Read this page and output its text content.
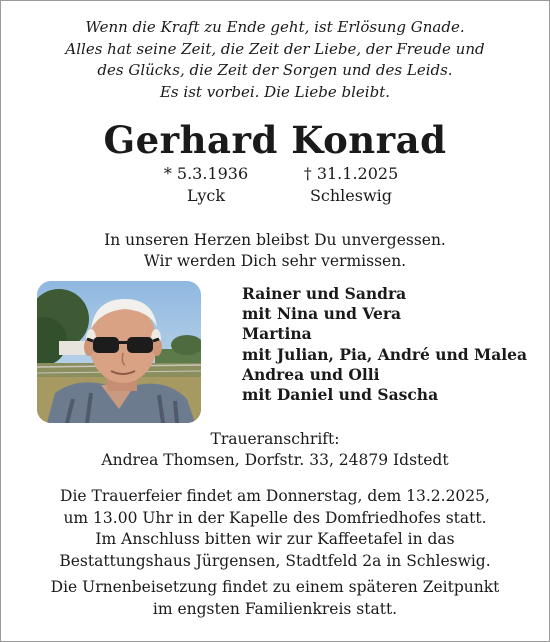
Wenn die Kraft zu Ende geht, ist Erlösung Gnade.
Alles hat seine Zeit, die Zeit der Liebe, der Freude und
des Glücks, die Zeit der Sorgen und des Leids.
Es ist vorbei. Die Liebe bleibt.
Gerhard Konrad
* 5.3.1936
Lyck
† 31.1.2025
Schleswig
In unseren Herzen bleibst Du unvergessen.
Wir werden Dich sehr vermissen.
Rainer und Sandra
mit Nina und Vera
Martina
mit Julian, Pia, André und Malea
Andrea und Olli
mit Daniel und Sascha
Traueranschrift:
Andrea Thomsen, Dorfstr. 33, 24879 Idstedt
Die Trauerfeier findet am Donnerstag, dem 13.2.2025,
um 13.00 Uhr in der Kapelle des Domfriedhofes statt.
Im Anschluss bitten wir zur Kaffeetafel in das
Bestattungshaus Jürgensen, Stadtfeld 2a in Schleswig.
Die Urnenbeisetzung findet zu einem späteren Zeitpunkt
im engsten Familienkreis statt.
